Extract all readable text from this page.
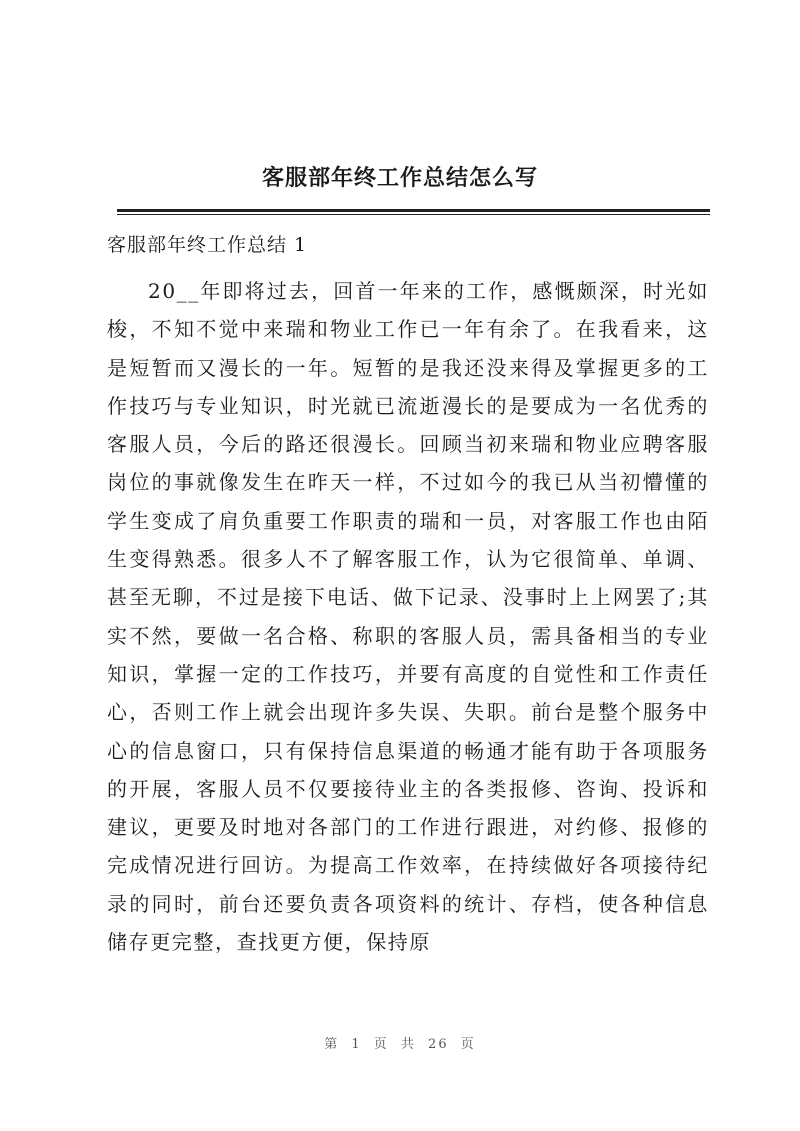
客服部年终工作总结怎么写
客服部年终工作总结 1

20__年即将过去，回首一年来的工作，感慨颇深，时光如梭，不知不觉中来瑞和物业工作已一年有余了。在我看来，这是短暂而又漫长的一年。短暂的是我还没来得及掌握更多的工作技巧与专业知识，时光就已流逝漫长的是要成为一名优秀的客服人员，今后的路还很漫长。回顾当初来瑞和物业应聘客服岗位的事就像发生在昨天一样，不过如今的我已从当初懵懂的学生变成了肩负重要工作职责的瑞和一员，对客服工作也由陌生变得熟悉。很多人不了解客服工作，认为它很简单、单调、甚至无聊，不过是接下电话、做下记录、没事时上上网罢了;其实不然，要做一名合格、称职的客服人员，需具备相当的专业知识，掌握一定的工作技巧，并要有高度的自觉性和工作责任心，否则工作上就会出现许多失误、失职。前台是整个服务中心的信息窗口，只有保持信息渠道的畅通才能有助于各项服务的开展，客服人员不仅要接待业主的各类报修、咨询、投诉和建议，更要及时地对各部门的工作进行跟进，对约修、报修的完成情况进行回访。为提高工作效率，在持续做好各项接待纪录的同时，前台还要负责各项资料的统计、存档，使各种信息储存更完整，查找更方便，保持原

第 1 页 共 26 页
